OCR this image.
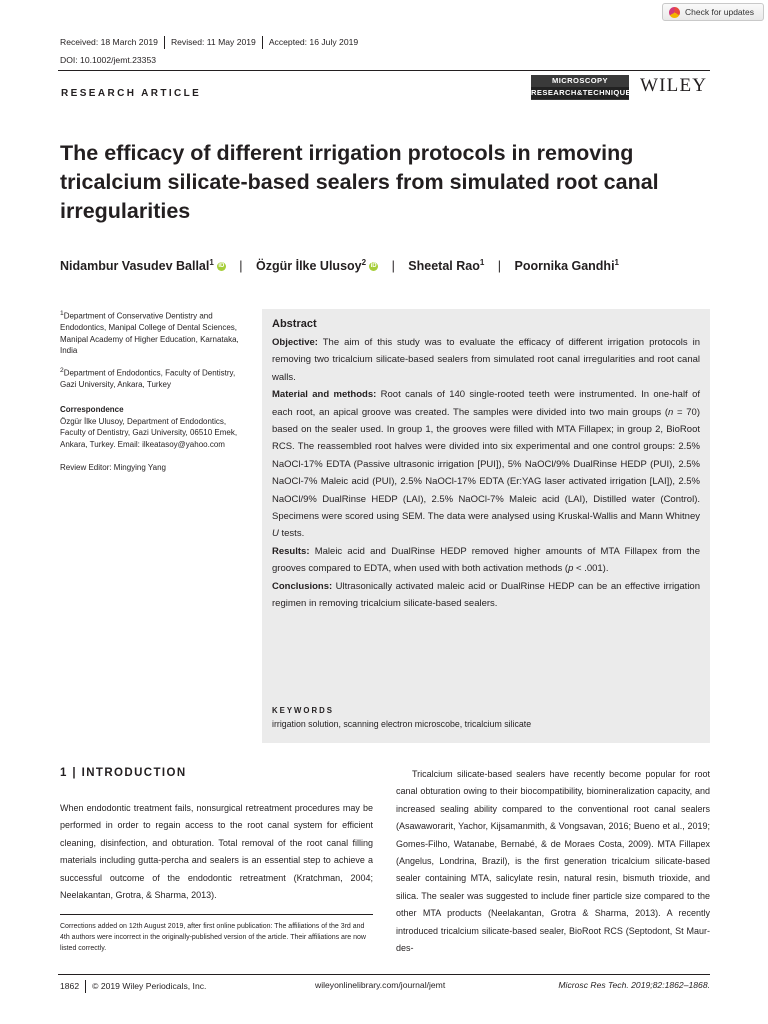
Check for updates
Received: 18 March 2019 Revised: 11 May 2019 Accepted: 16 July 2019
DOI: 10.1002/jemt.23353
RESEARCH ARTICLE
MICROSCOPY
RESEARCH&TECHNIQUE WILEY
The efficacy of different irrigation protocols in removing tricalcium silicate-based sealers from simulated root canal irregularities
Nidambur Vasudev Ballal$^1$ iD | Özgür İlke Ulusoy$^2$ iD | Sheetal Rao$^1$ | Poornika Gandhi$^1$

$^1$Department of Conservative Dentistry and Endodontics, Manipal College of Dental Sciences, Manipal Academy of Higher Education, Karnataka, India

$^2$Department of Endodontics, Faculty of Dentistry, Gazi University, Ankara, Turkey

Correspondence

Özgür İlke Ulusoy, Department of Endodontics, Faculty of Dentistry, Gazi University, 06510 Emek, Ankara, Turkey. Email: ilkeatasoy@yahoo.com

Review Editor: Mingying Yang

Abstract

Objective: The aim of this study was to evaluate the efficacy of different irrigation protocols in removing two tricalcium silicate-based sealers from simulated root canal irregularities and root canal walls.

Material and methods: Root canals of 140 single-rooted teeth were instrumented. In one-half of each root, an apical groove was created. The samples were divided into two main groups (n = 70) based on the sealer used. In group 1, the grooves were filled with MTA Fillapex; in group 2, BioRoot RCS. The reassembled root halves were divided into six experimental and one control groups: 2.5% NaOCl-17% EDTA (Passive ultrasonic irrigation [PUI]), 5% NaOCl/9% DualRinse HEDP (PUI), 2.5% NaOCl-7% Maleic acid (PUI), 2.5% NaOCl-17% EDTA (Er:YAG laser activated irrigation [LAI]), 2.5% NaOCl/9% DualRinse HEDP (LAI), 2.5% NaOCl-7% Maleic acid (LAI), Distilled water (Control). Specimens were scored using SEM. The data were analysed using Kruskal-Wallis and Mann Whitney U tests.

Results: Maleic acid and DualRinse HEDP removed higher amounts of MTA Fillapex from the grooves compared to EDTA, when used with both activation methods (p < .001).

Conclusions: Ultrasonically activated maleic acid or DualRinse HEDP can be an effective irrigation regimen in removing tricalcium silicate-based sealers.

KEYWORDS
irrigation solution, scanning electron microscobe, tricalcium silicate
1 | INTRODUCTION

When endodontic treatment fails, nonsurgical retreatment procedures may be performed in order to regain access to the root canal system for efficient cleaning, disinfection, and obturation. Total removal of the root canal filling materials including gutta-percha and sealers is an essential step to achieve a successful outcome of the endodontic retreatment (Kratchman, 2004; Neelakantan, Grotra, & Sharma, 2013).

Corrections added on 12th August 2019, after first online publication: The affiliations of the 3rd and 4th authors were incorrect in the originally-published version of the article. Their affiliations are now listed correctly.

Tricalcium silicate-based sealers have recently become popular for root canal obturation owing to their biocompatibility, biomineralization capacity, and increased sealing ability compared to the conventional root canal sealers (Asawaworarit, Yachor, Kijsamanmith, & Vongsavan, 2016; Bueno et al., 2019; Gomes-Filho, Watanabe, Bernabé, & de Moraes Costa, 2009). MTA Fillapex (Angelus, Londrina, Brazil), is the first generation tricalcium silicate-based sealer containing MTA, salicylate resin, natural resin, bismuth trioxide, and silica. The sealer was suggested to include finer particle size compared to the other MTA products (Neelakantan, Grotra & Sharma, 2013). A recently introduced tricalcium silicate-based sealer, BioRoot RCS (Septodont, St Maur-des-

1862 © 2019 Wiley Periodicals, Inc.	wileyonlinelibrary.com/journal/jemt	Microsc Res Tech. 2019;82:1862–1868.
